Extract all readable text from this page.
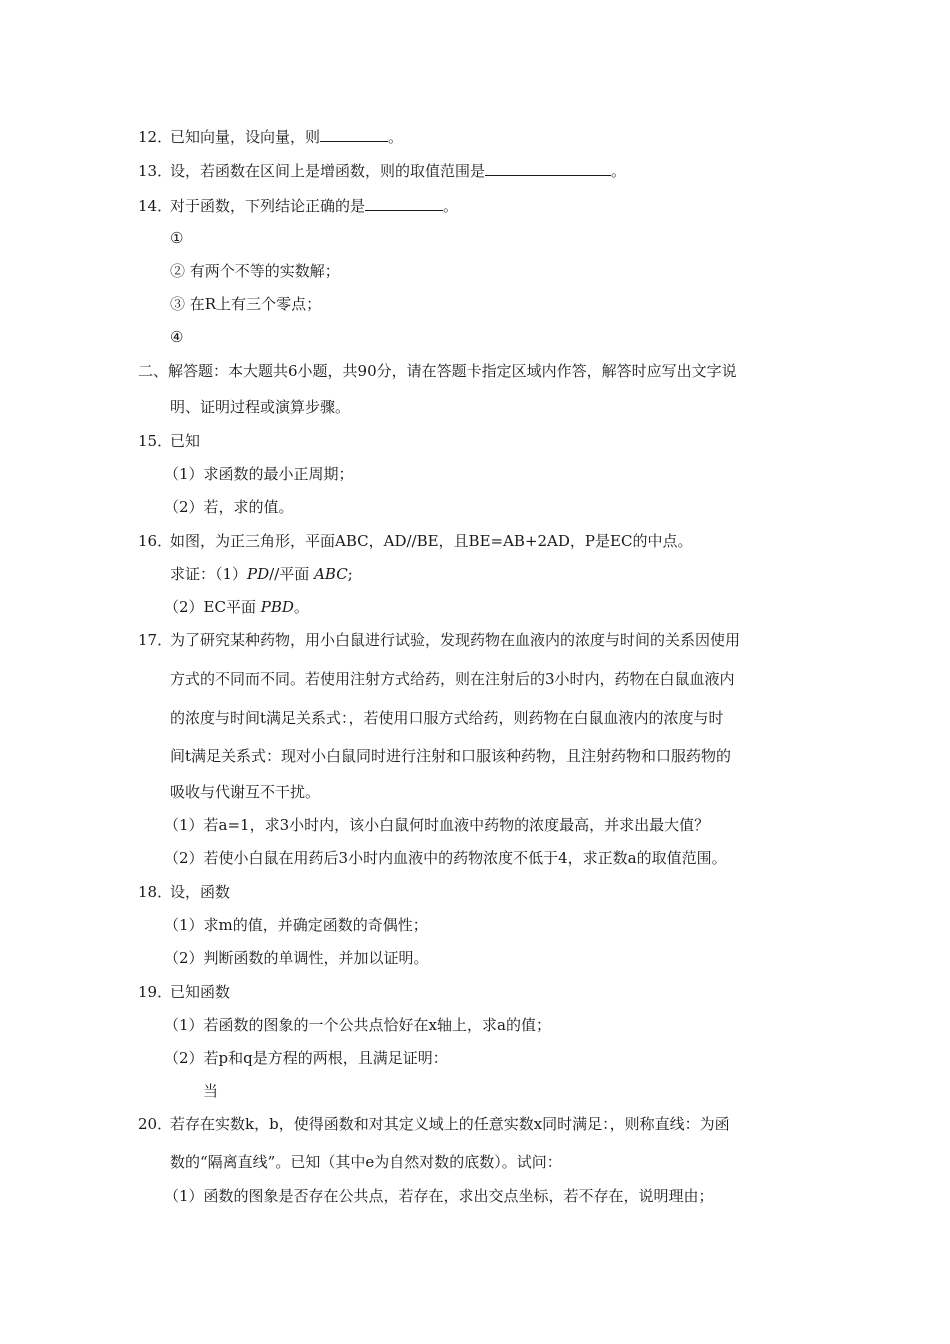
12．已知向量，设向量，则	。
13．设，若函数在区间上是增函数，则的取值范围是	。
14．对于函数，下列结论正确的是	。
①
② 有两个不等的实数解；
③ 在R上有三个零点；
④
二、解答题：本大题共6小题，共90分，请在答题卡指定区域内作答，解答时应写出文字说
明、证明过程或演算步骤。
15．已知
（1）求函数的最小正周期；
（2）若，求的值。
16．如图，为正三角形，平面ABC，AD//BE，且BE=AB+2AD，P是EC的中点。
求证：（1）PD//平面 ABC;
（2）EC平面 PBD。
17．为了研究某种药物，用小白鼠进行试验，发现药物在血液内的浓度与时间的关系因使用
方式的不同而不同。若使用注射方式给药，则在注射后的3小时内，药物在白鼠血液内
的浓度与时间t满足关系式：，若使用口服方式给药，则药物在白鼠血液内的浓度与时
间t满足关系式：现对小白鼠同时进行注射和口服该种药物，且注射药物和口服药物的
吸收与代谢互不干扰。
（1）若a=1，求3小时内，该小白鼠何时血液中药物的浓度最高，并求出最大值？
（2）若使小白鼠在用药后3小时内血液中的药物浓度不低于4，求正数a的取值范围。
18．设，函数
（1）求m的值，并确定函数的奇偶性；
（2）判断函数的单调性，并加以证明。
19．已知函数
（1）若函数的图象的一个公共点恰好在x轴上，求a的值；
（2）若p和q是方程的两根，且满足证明：
当
20．若存在实数k，b，使得函数和对其定义域上的任意实数x同时满足：，则称直线：为函
数的“隔离直线”。已知（其中e为自然对数的底数）。试问：
（1）函数的图象是否存在公共点，若存在，求出交点坐标，若不存在，说明理由；
